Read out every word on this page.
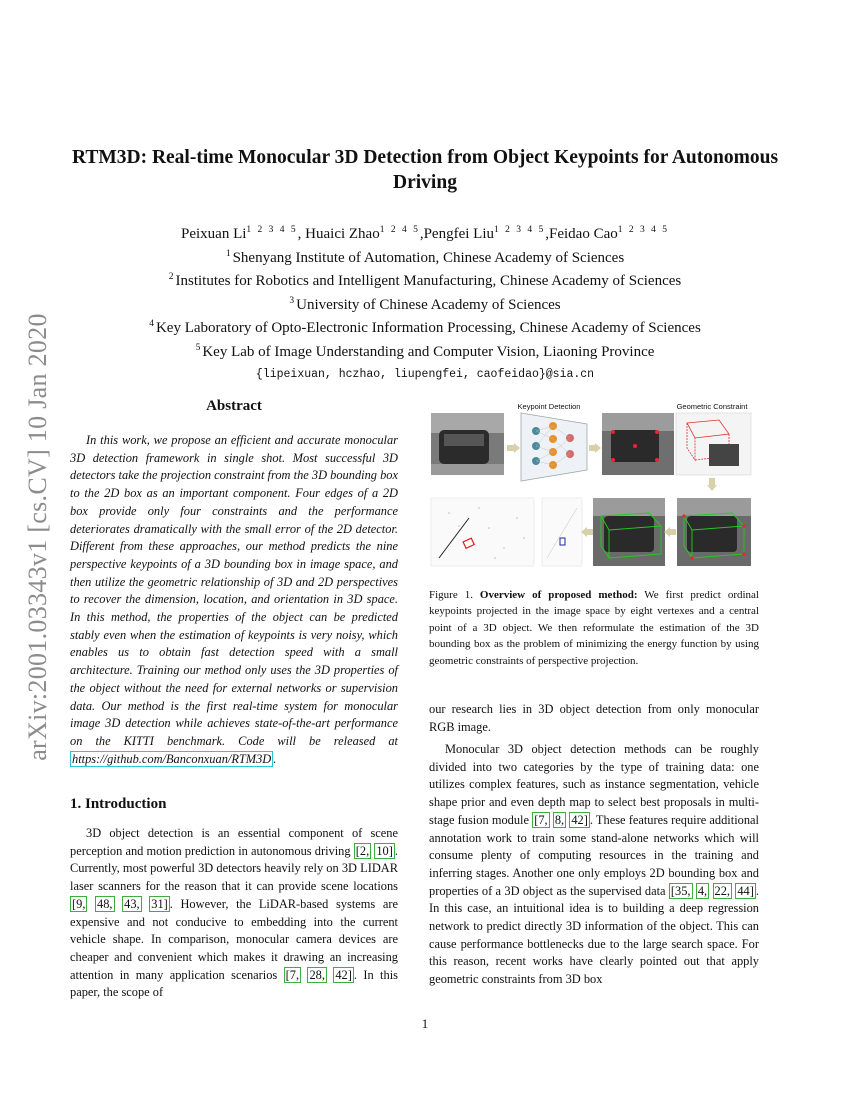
arXiv:2001.03343v1 [cs.CV] 10 Jan 2020
RTM3D: Real-time Monocular 3D Detection from Object Keypoints for Autonomous Driving
Peixuan $Li^{1 2 3 4 5}$, Huaici Zhao$^{1 2 4 5}$,Pengfei Liu$^{1 2 3 4 5}$,Feidao Cao$^{1 2 3 4 5}$
$^1$Shenyang Institute of Automation, Chinese Academy of Sciences
$^2$Institutes for Robotics and Intelligent Manufacturing, Chinese Academy of Sciences
$^3$University of Chinese Academy of Sciences
$^4$Key Laboratory of Opto-Electronic Information Processing, Chinese Academy of Sciences
$^5$Key Lab of Image Understanding and Computer Vision, Liaoning Province
{lipeixuan, hczhao, liupengfei, caofeidao}@sia.cn
Abstract
In this work, we propose an efficient and accurate monocular 3D detection framework in single shot. Most successful 3D detectors take the projection constraint from the 3D bounding box to the 2D box as an important component. Four edges of a 2D box provide only four constraints and the performance deteriorates dramatically with the small error of the 2D detector. Different from these approaches, our method predicts the nine perspective keypoints of a 3D bounding box in image space, and then utilize the geometric relationship of 3D and 2D perspectives to recover the dimension, location, and orientation in 3D space. In this method, the properties of the object can be predicted stably even when the estimation of keypoints is very noisy, which enables us to obtain fast detection speed with a small architecture. Training our method only uses the 3D properties of the object without the need for external networks or supervision data. Our method is the first real-time system for monocular image 3D detection while achieves state-of-the-art performance on the KITTI benchmark. Code will be released at https://github.com/Banconxuan/RTM3D .
1. Introduction
3D object detection is an essential component of scene perception and motion prediction in autonomous driving [2, 10] . Currently, most powerful 3D detectors heavily rely on 3D LIDAR laser scanners for the reason that it can provide scene locations [9, 48, 43, 31] . However, the LiDAR-based systems are expensive and not conducive to embedding into the current vehicle shape. In comparison, monocular camera devices are cheaper and convenient which makes it drawing an increasing attention in many application scenarios [7, 28, 42] . In this paper, the scope of
Keypoint Detection	Geometric Constraint
Figure 1. Overview of proposed method: We first predict ordinal keypoints projected in the image space by eight vertexes and a central point of a 3D object. We then reformulate the estimation of the 3D bounding box as the problem of minimizing the energy function by using geometric constraints of perspective projection.
our research lies in 3D object detection from only monocular RGB image.
Monocular 3D object detection methods can be roughly divided into two categories by the type of training data: one utilizes complex features, such as instance segmentation, vehicle shape prior and even depth map to select best proposals in multi-stage fusion module [7, 8, 42] . These features require additional annotation work to train some stand-alone networks which will consume plenty of computing resources in the training and inferring stages. Another one only employs 2D bounding box and properties of a 3D object as the supervised data [35, 4, 22, 44] . In this case, an intuitional idea is to building a deep regression network to predict directly 3D information of the object. This can cause performance bottlenecks due to the large search space. For this reason, recent works have clearly pointed out that apply geometric constraints from 3D box
1
